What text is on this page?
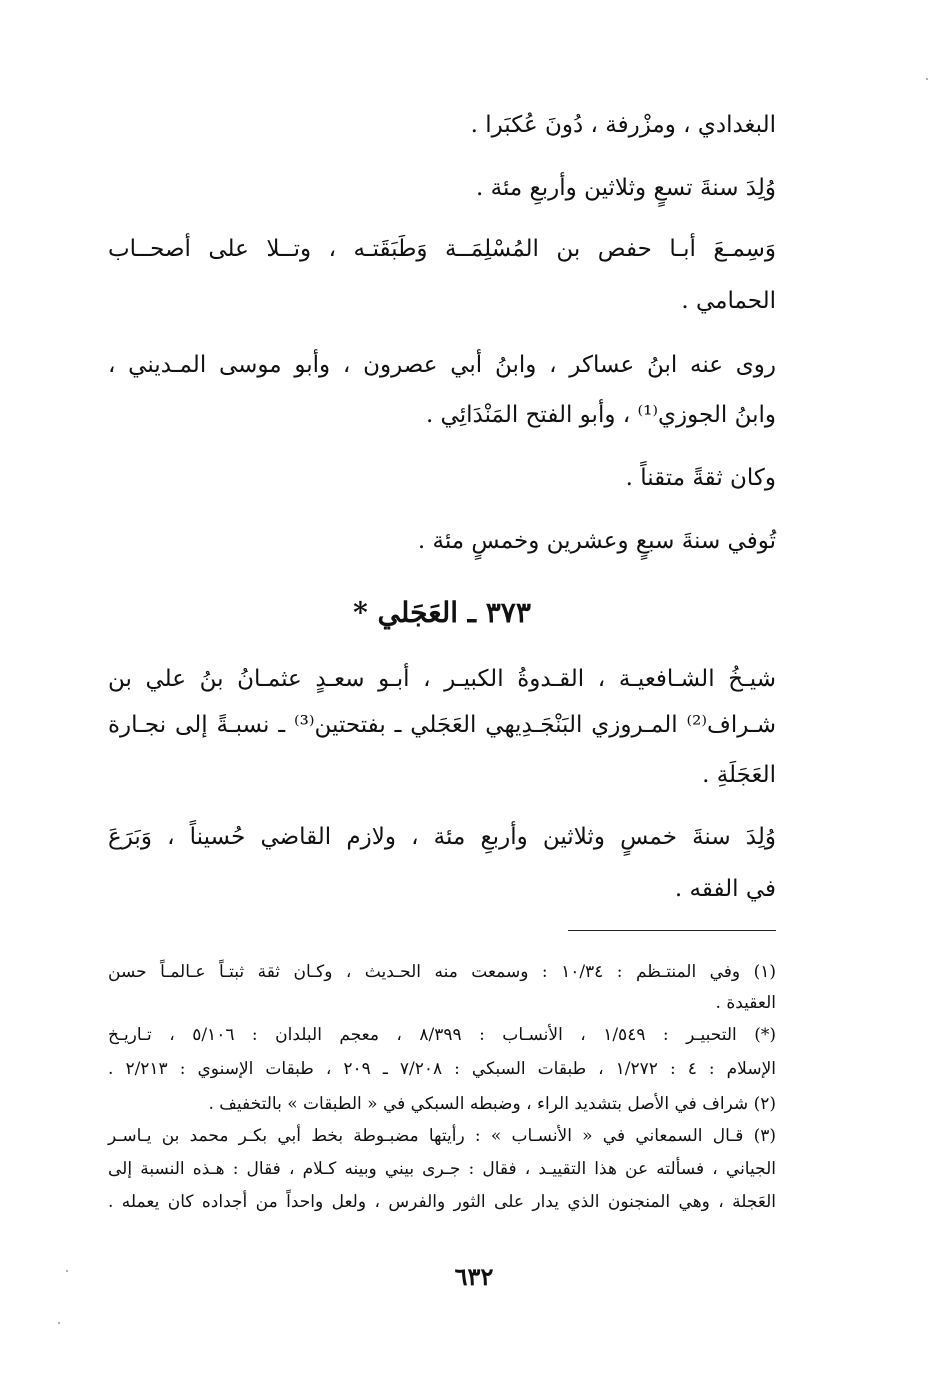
البغدادي ، ومزْرفة ، دُونَ عُكبَرا .
وُلِدَ سنةَ تسعٍ وثلاثين وأربعِ مئة .
وَسِمـعَ أبـا حفص بن المُسْلِمَــة وَطَبَقَتـه ، وتــلا على أصحــاب
الحمامي .
روى عنه ابنُ عساكر ، وابنُ أبي عصرون ، وأبو موسى المـديني ،
وابنُ الجوزي⁽¹⁾ ، وأبو الفتح المَنْدَائِي .
وكان ثقةً متقناً .
تُوفي سنةَ سبعٍ وعشرين وخمسٍ مئة .
٣٧٣ ـ العَجَلي *
شيـخُ الشـافعيـة ، القـدوةُ الكبيـر ، أبـو سعـدٍ عثمـانُ بنُ علي بن
شـراف⁽²⁾ المـروزي البَنْجَـدِيهي العَجَلي ـ بفتحتين⁽³⁾ ـ نسبـةً إلى نجـارة
العَجَلَةِ .
وُلِدَ سنةَ خمسٍ وثلاثين وأربعِ مئة ، ولازم القاضي حُسيناً ، وَبَرَعَ
في الفقه .
(١) وفي المنتـظم : ١٠/٣٤ : وسمعت منه الحـديث ، وكـان ثقة ثبتـاً عـالمـاً حسن
العقيدة .
(*) التحبيـر : ١/٥٤٩ ، الأنسـاب : ٨/٣٩٩ ، معجم البلدان : ٥/١٠٦ ، تـاريـخ
الإسلام : ٤ : ١/٢٧٢ ، طبقات السبكي : ٧/٢٠٨ ـ ٢٠٩ ، طبقات الإسنوي : ٢/٢١٣ .
(٢) شراف في الأصل بتشديد الراء ، وضبطه السبكي في « الطبقات » بالتخفيف .
(٣) قـال السمعاني في « الأنسـاب » : رأيتها مضبـوطة بخط أبي بكـر محمد بن يـاسـر
الجياني ، فسألته عن هذا التقييـد ، فقال : جـرى بيني وبينه كـلام ، فقال : هـذه النسبة إلى
العَجلة ، وهي المنجنون الذي يدار على الثور والفرس ، ولعل واحداً من أجداده كان يعمله .
٦٣٢
